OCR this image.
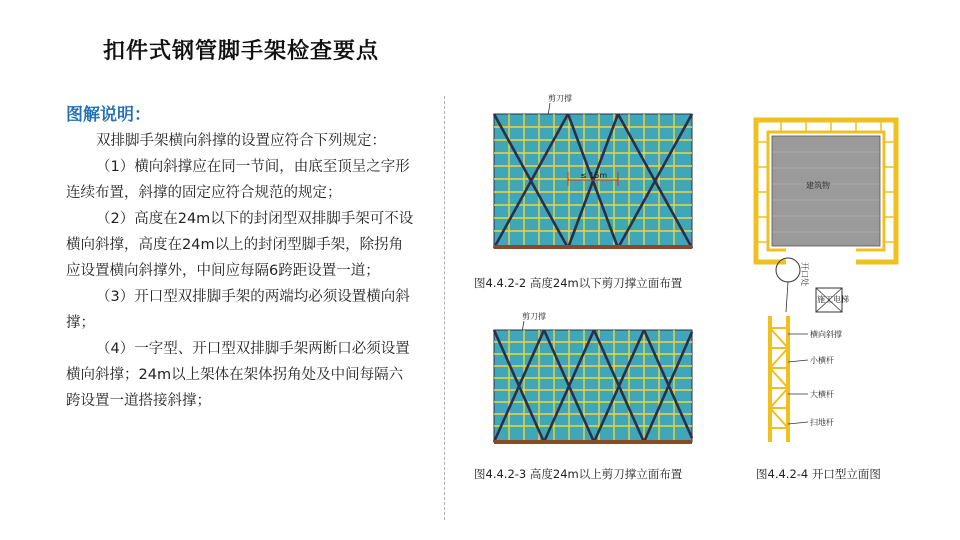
扣件式钢管脚手架检查要点
图解说明：

双排脚手架横向斜撑的设置应符合下列规定：

（1）横向斜撑应在同一节间，由底至顶呈之字形连续布置，斜撑的固定应符合规范的规定；

（2）高度在24m以下的封闭型双排脚手架可不设横向斜撑，高度在24m以上的封闭型脚手架，除拐角应设置横向斜撑外，中间应每隔6跨距设置一道；

（3）开口型双排脚手架的两端均必须设置横向斜撑；

（4）一字型、开口型双排脚手架两断口必须设置横向斜撑；24m以上架体在架体拐角处及中间每隔六跨设置一道搭接斜撑；

剪刀撑
≤ 15m
图4.4.2-2 高度24m以下剪刀撑立面布置
剪刀撑
图4.4.2-3 高度24m以上剪刀撑立面布置
建筑物
开口处
施工电梯
横向斜撑
小横杆
大横杆
扫地杆
图4.4.2-4 开口型立面图
